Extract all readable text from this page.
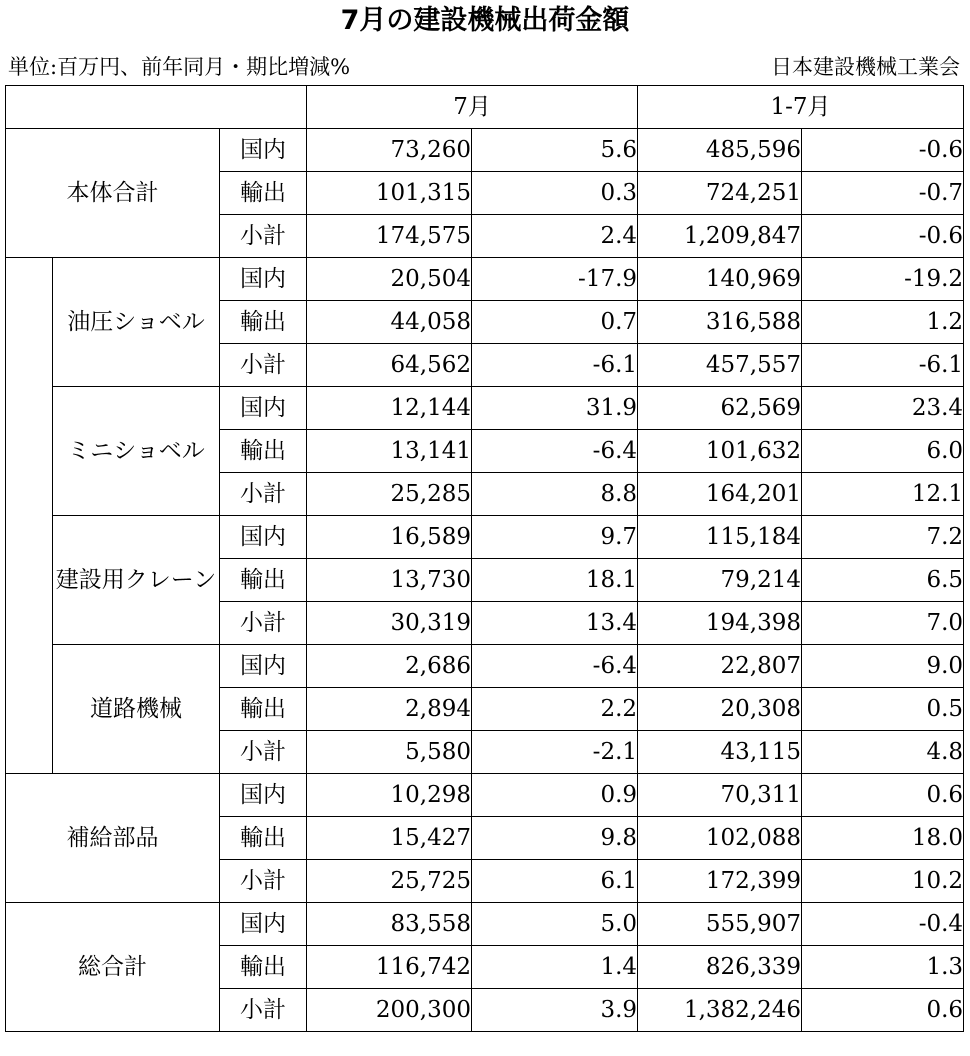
7月の建設機械出荷金額
単位:百万円、前年同月・期比増減%	日本建設機械工業会
			7月		1-7月	
本体合計		国内	73,260	5.6	485,596	-0.6
		輸出	101,315	0.3	724,251	-0.7
		小計	174,575	2.4	1,209,847	-0.6
	油圧ショベル	国内	20,504	-17.9	140,969	-19.2
		輸出	44,058	0.7	316,588	1.2
		小計	64,562	-6.1	457,557	-6.1
	ミニショベル	国内	12,144	31.9	62,569	23.4
		輸出	13,141	-6.4	101,632	6.0
		小計	25,285	8.8	164,201	12.1
	建設用クレーン	国内	16,589	9.7	115,184	7.2
		輸出	13,730	18.1	79,214	6.5
		小計	30,319	13.4	194,398	7.0
	道路機械	国内	2,686	-6.4	22,807	9.0
		輸出	2,894	2.2	20,308	0.5
		小計	5,580	-2.1	43,115	4.8
補給部品		国内	10,298	0.9	70,311	0.6
		輸出	15,427	9.8	102,088	18.0
		小計	25,725	6.1	172,399	10.2
総合計		国内	83,558	5.0	555,907	-0.4
		輸出	116,742	1.4	826,339	1.3
		小計	200,300	3.9	1,382,246	0.6
